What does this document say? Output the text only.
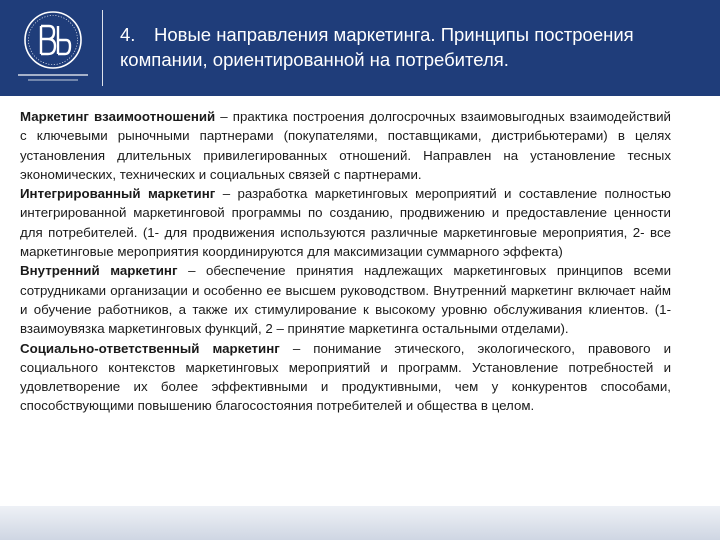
4. Новые направления маркетинга. Принципы построения компании, ориентированной на потребителя.

Маркетинг взаимоотношений – практика построения долгосрочных взаимовыгодных взаимодействий с ключевыми рыночными партнерами (покупателями, поставщиками, дистрибьютерами) в целях установления длительных привилегированных отношений. Направлен на установление тесных экономических, технических и социальных связей с партнерами.

Интегрированный маркетинг – разработка маркетинговых мероприятий и составление полностью интегрированной маркетинговой программы по созданию, продвижению и предоставление ценности для потребителей. (1- для продвижения используются различные маркетинговые мероприятия, 2- все маркетинговые мероприятия координируются для максимизации суммарного эффекта)

Внутренний маркетинг – обеспечение принятия надлежащих маркетинговых принципов всеми сотрудниками организации и особенно ее высшем руководством. Внутренний маркетинг включает найм и обучение работников, а также их стимулирование к высокому уровню обслуживания клиентов. (1- взаимоувязка маркетинговых функций, 2 – принятие маркетинга остальными отделами).

Социально-ответственный маркетинг – понимание этического, экологического, правового и социального контекстов маркетинговых мероприятий и программ. Установление потребностей и удовлетворение их более эффективными и продуктивными, чем у конкурентов способами, способствующими повышению благосостояния потребителей и общества в целом.
